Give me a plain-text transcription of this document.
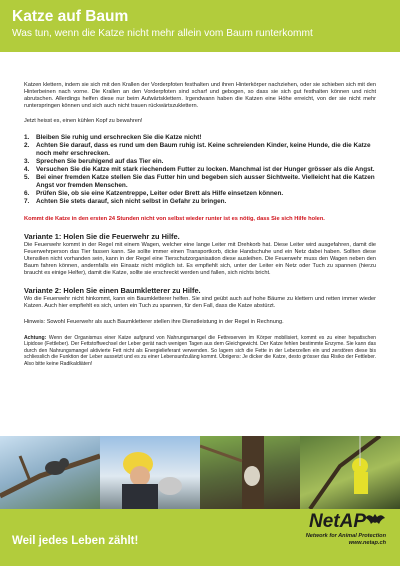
Katze auf Baum
Was tun, wenn die Katze nicht mehr allein vom Baum runterkommt

Katzen klettern, indem sie sich mit den Krallen der Vorderpfoten festhalten und ihren Hinterkörper nachziehen, oder sie schieben sich mit den Hinterbeinen nach vorne. Die Krallen an den Vorderpfoten sind scharf und gebogen, so dass sie sich gut festhalten können und nicht abrutschen. Allerdings helfen diese nur beim Aufwärtsklettern. Irgendwann haben die Katzen eine Höhe erreicht, von der sie nicht mehr runterspringen können und sich auch nicht trauen rückwärtszuklettern.

Jetzt heisst es, einen kühlen Kopf zu bewahren!

1.	Bleiben Sie ruhig und erschrecken Sie die Katze nicht!
2.	Achten Sie darauf, dass es rund um den Baum ruhig ist. Keine schreienden Kinder, keine Hunde, die die Katze noch mehr erschrecken.
3.	Sprechen Sie beruhigend auf das Tier ein.
4.	Versuchen Sie die Katze mit stark riechendem Futter zu locken. Manchmal ist der Hunger grösser als die Angst.
5.	Bei einer fremden Katze stellen Sie das Futter hin und begeben sich ausser Sichtweite. Vielleicht hat die Katzen Angst vor fremden Menschen.
6.	Prüfen Sie, ob sie eine Katzentreppe, Leiter oder Brett als Hilfe einsetzen können.
7.	Achten Sie stets darauf, sich nicht selbst in Gefahr zu bringen.

Kommt die Katze in den ersten 24 Stunden nicht von selbst wieder runter ist es nötig, dass Sie sich Hilfe holen.

Variante 1: Holen Sie die Feuerwehr zu Hilfe.

Die Feuerwehr kommt in der Regel mit einem Wagen, welcher eine lange Leiter mit Drehkorb hat. Diese Leiter wird ausgefahren, damit die Feuerwehrperson das Tier fassen kann. Sie sollte immer einen Transportkorb, dicke Handschuhe und ein Netz dabei haben. Sollten diese Utensilien nicht vorhanden sein, kann in der Regel eine Tierschutzorganisation diese ausleihen. Die Feuerwehr muss den Wagen neben den Baum fahren können, andernfalls ein Einsatz nicht möglich ist. Es empfiehlt sich, unter der Leiter ein Netz oder Tuch zu spannen (hierzu braucht es einige Helfer), damit die Katze, sollte sie erschreckt werden und fallen, sich nichts bricht.

Variante 2: Holen Sie einen Baumkletterer zu Hilfe.

Wo die Feuerwehr nicht hinkommt, kann ein Baumkletterer helfen. Sie sind geübt auch auf hohe Bäume zu klettern und retten immer wieder Katzen. Auch hier empfiehlt es sich, unten ein Tuch zu spannen, für den Fall, dass die Katze abstürzt.

Hinweis: Sowohl Feuerwehr als auch Baumkletterer stellen ihre Dienstleistung in der Regel in Rechnung.

Achtung: Wenn der Organismus einer Katze aufgrund von Nahrungsmangel die Fettreserven im Körper mobilisiert, kommt es zu einer hepatischen Lipidose (Fettleber). Der Fettstoffwechsel der Leber gerät nach wenigen Tagen aus dem Gleichgewicht. Der Katze fehlen bestimmte Enzyme. Sie kann das durch den Nahrungsmangel aktivierte Fett nicht als Energielieferant verwenden. So lagern sich die Fette in der Leberzellen ein und zerstören diese bis schliesslich die Funktion der Leber aussetzt und es zu einer Lebensunfzuläng kommt. Übrigens: Je dicker die Katze, desto grösser das Risiko der Fettleber. Also bitte keine Radikaldiäten!

Weil jedes Leben zählt!
NetAP
Network for Animal Protection
www.netap.ch
